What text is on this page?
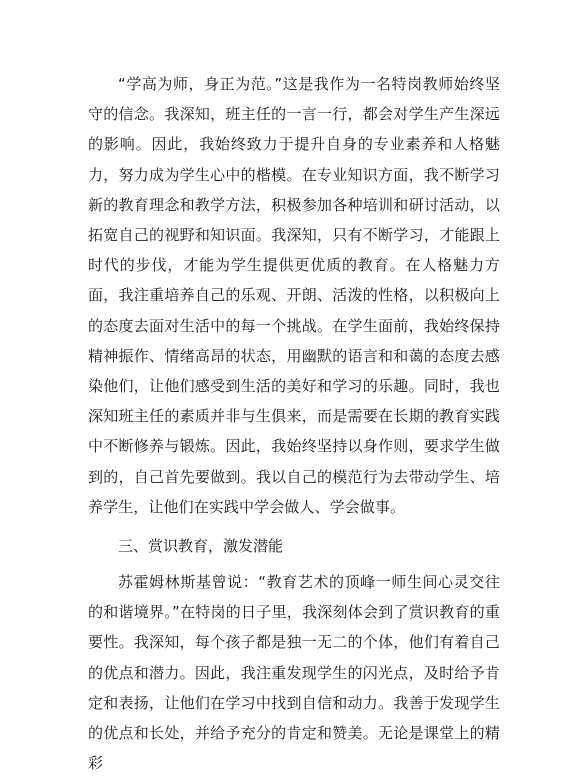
“学高为师，身正为范。”这是我作为一名特岗教师始终坚守的信念。我深知，班主任的一言一行，都会对学生产生深远的影响。因此，我始终致力于提升自身的专业素养和人格魅力，努力成为学生心中的楷模。在专业知识方面，我不断学习新的教育理念和教学方法，积极参加各种培训和研讨活动，以拓宽自己的视野和知识面。我深知，只有不断学习，才能跟上时代的步伐，才能为学生提供更优质的教育。在人格魅力方面，我注重培养自己的乐观、开朗、活泼的性格，以积极向上的态度去面对生活中的每一个挑战。在学生面前，我始终保持精神振作、情绪高昂的状态，用幽默的语言和和蔼的态度去感染他们，让他们感受到生活的美好和学习的乐趣。同时，我也深知班主任的素质并非与生俱来，而是需要在长期的教育实践中不断修养与锻炼。因此，我始终坚持以身作则，要求学生做到的，自己首先要做到。我以自己的模范行为去带动学生、培养学生，让他们在实践中学会做人、学会做事。

三、赏识教育，激发潜能

苏霍姆林斯基曾说：“教育艺术的顶峰一师生间心灵交往的和谐境界。”在特岗的日子里，我深刻体会到了赏识教育的重要性。我深知，每个孩子都是独一无二的个体，他们有着自己的优点和潜力。因此，我注重发现学生的闪光点，及时给予肯定和表扬，让他们在学习中找到自信和动力。我善于发现学生的优点和长处，并给予充分的肯定和赞美。无论是课堂上的精彩
